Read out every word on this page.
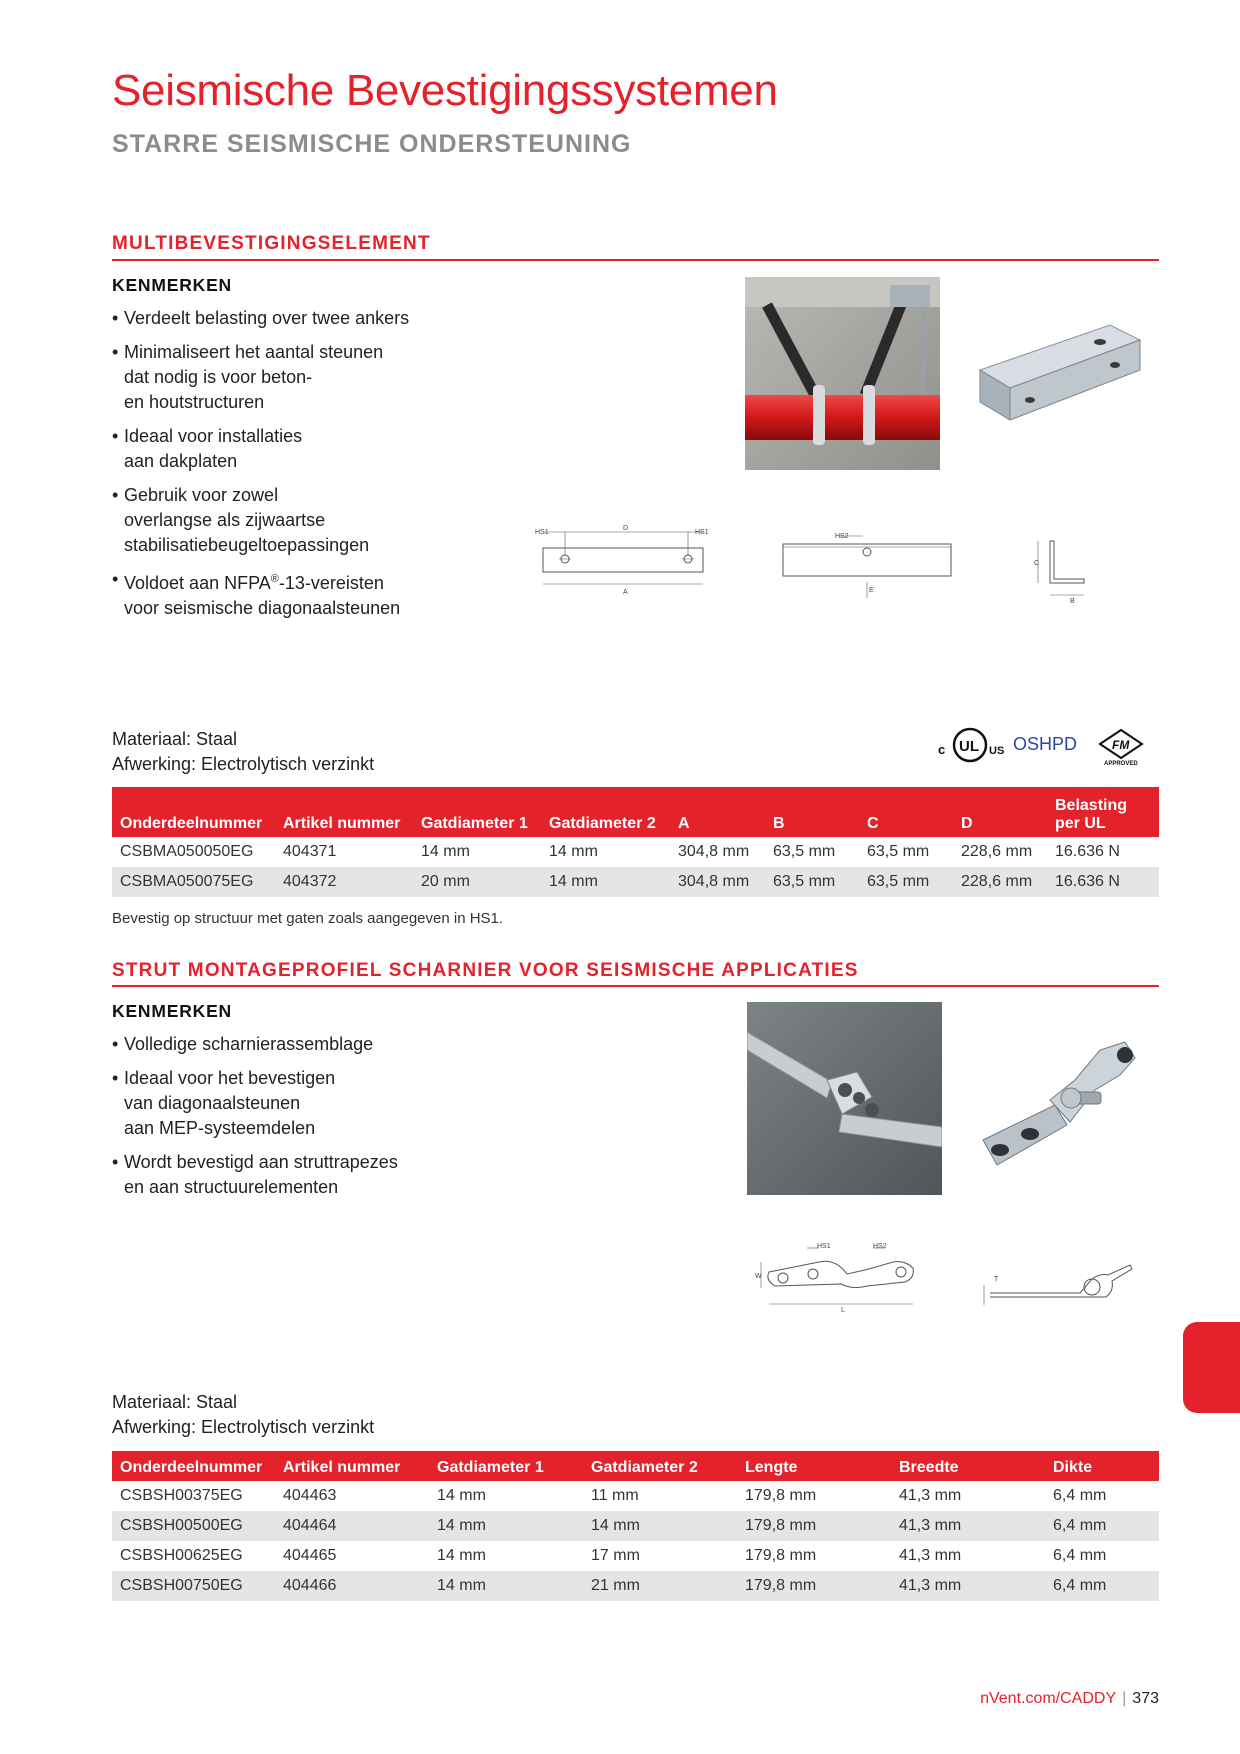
Seismische Bevestigingssystemen
STARRE SEISMISCHE ONDERSTEUNING
MULTIBEVESTIGINGSELEMENT
KENMERKEN
• Verdeelt belasting over twee ankers
• Minimaliseert het aantal steunen
dat nodig is voor beton-
en houtstructuren
• Ideaal voor installaties
aan dakplaten
• Gebruik voor zowel
overlangse als zijwaartse
stabilisatiebeugeltoepassingen
• Voldoet aan NFPA®-13-vereisten
voor seismische diagonaalsteunen
HS1
D
HS1
A
HS2
E
C
B
Materiaal: Staal
Afwerking: Electrolytisch verzinkt
c UL US OSHPD	FM
APPROVED
Onderdeelnummer	Artikel nummer	Gatdiameter 1	Gatdiameter 2	A	B	C	D	Belasting
per UL
CSBMA050050EG	404371	14 mm	14 mm	304,8 mm	63,5 mm	63,5 mm	228,6 mm	16.636 N
CSBMA050075EG	404372	20 mm	14 mm	304,8 mm	63,5 mm	63,5 mm	228,6 mm	16.636 N
Bevestig op structuur met gaten zoals aangegeven in HS1.
STRUT MONTAGEPROFIEL SCHARNIER VOOR SEISMISCHE APPLICATIES
KENMERKEN
• Volledige scharnierassemblage
• Ideaal voor het bevestigen
van diagonaalsteunen
aan MEP-systeemdelen
• Wordt bevestigd aan struttrapezes
en aan structuurelementen
HS1	HS2
W
L
T
Materiaal: Staal
Afwerking: Electrolytisch verzinkt
Onderdeelnummer	Artikel nummer	Gatdiameter 1	Gatdiameter 2	Lengte	Breedte	Dikte
CSBSH00375EG	404463	14 mm	11 mm	179,8 mm	41,3 mm	6,4 mm
CSBSH00500EG	404464	14 mm	14 mm	179,8 mm	41,3 mm	6,4 mm
CSBSH00625EG	404465	14 mm	17 mm	179,8 mm	41,3 mm	6,4 mm
CSBSH00750EG	404466	14 mm	21 mm	179,8 mm	41,3 mm	6,4 mm
nVent.com/CADDY | 373
